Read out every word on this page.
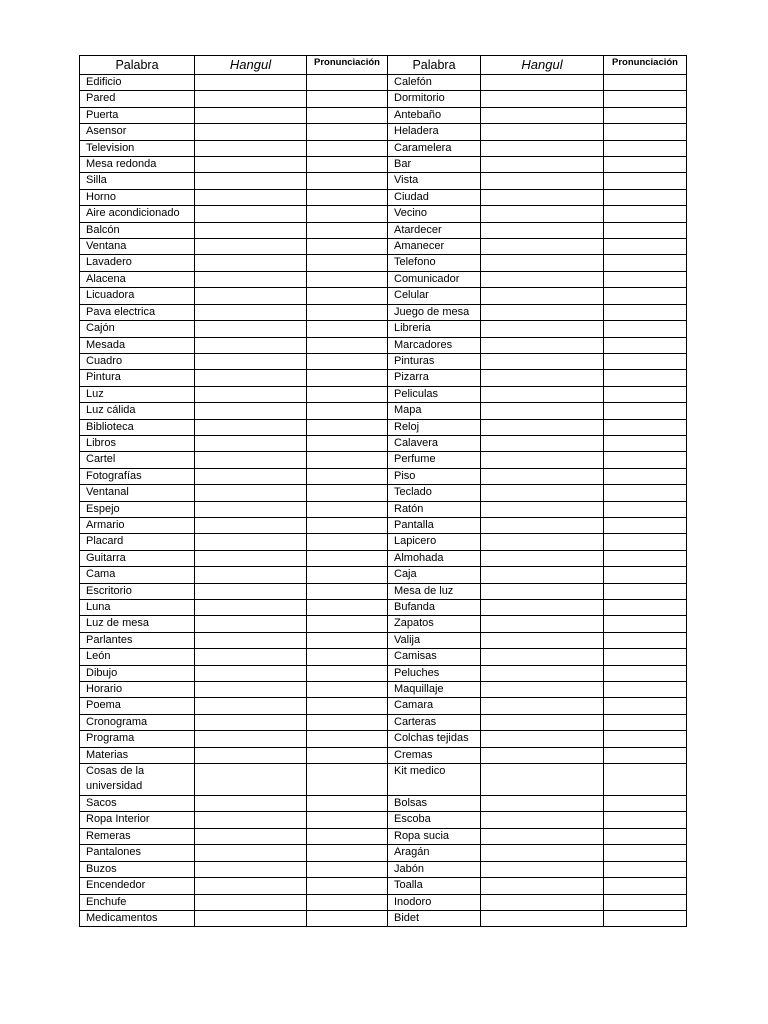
Palabra	Hangul	Pronunciación	Palabra	Hangul	Pronunciación
Edificio			Calefón		
Pared			Dormitorio		
Puerta			Antebaño		
Asensor			Heladera		
Television			Caramelera		
Mesa redonda			Bar		
Silla			Vista		
Horno			Ciudad		
Aire acondicionado			Vecino		
Balcón			Atardecer		
Ventana			Amanecer		
Lavadero			Telefono		
Alacena			Comunicador		
Licuadora			Celular		
Pava electrica			Juego de mesa		
Cajón			Libreria		
Mesada			Marcadores		
Cuadro			Pinturas		
Pintura			Pizarra		
Luz			Peliculas		
Luz cálida			Mapa		
Biblioteca			Reloj		
Libros			Calavera		
Cartel			Perfume		
Fotografías			Piso		
Ventanal			Teclado		
Espejo			Ratón		
Armario			Pantalla		
Placard			Lapicero		
Guitarra			Almohada		
Cama			Caja		
Escritorio			Mesa de luz		
Luna			Bufanda		
Luz de mesa			Zapatos		
Parlantes			Valija		
León			Camisas		
Dibujo			Peluches		
Horario			Maquillaje		
Poema			Camara		
Cronograma			Carteras		
Programa			Colchas tejidas		
Materias			Cremas		
Cosas de la universidad			Kit medico		
Sacos			Bolsas		
Ropa Interior			Escoba		
Remeras			Ropa sucia		
Pantalones			Aragán		
Buzos			Jabón		
Encendedor			Toalla		
Enchufe			Inodoro		
Medicamentos			Bidet		
